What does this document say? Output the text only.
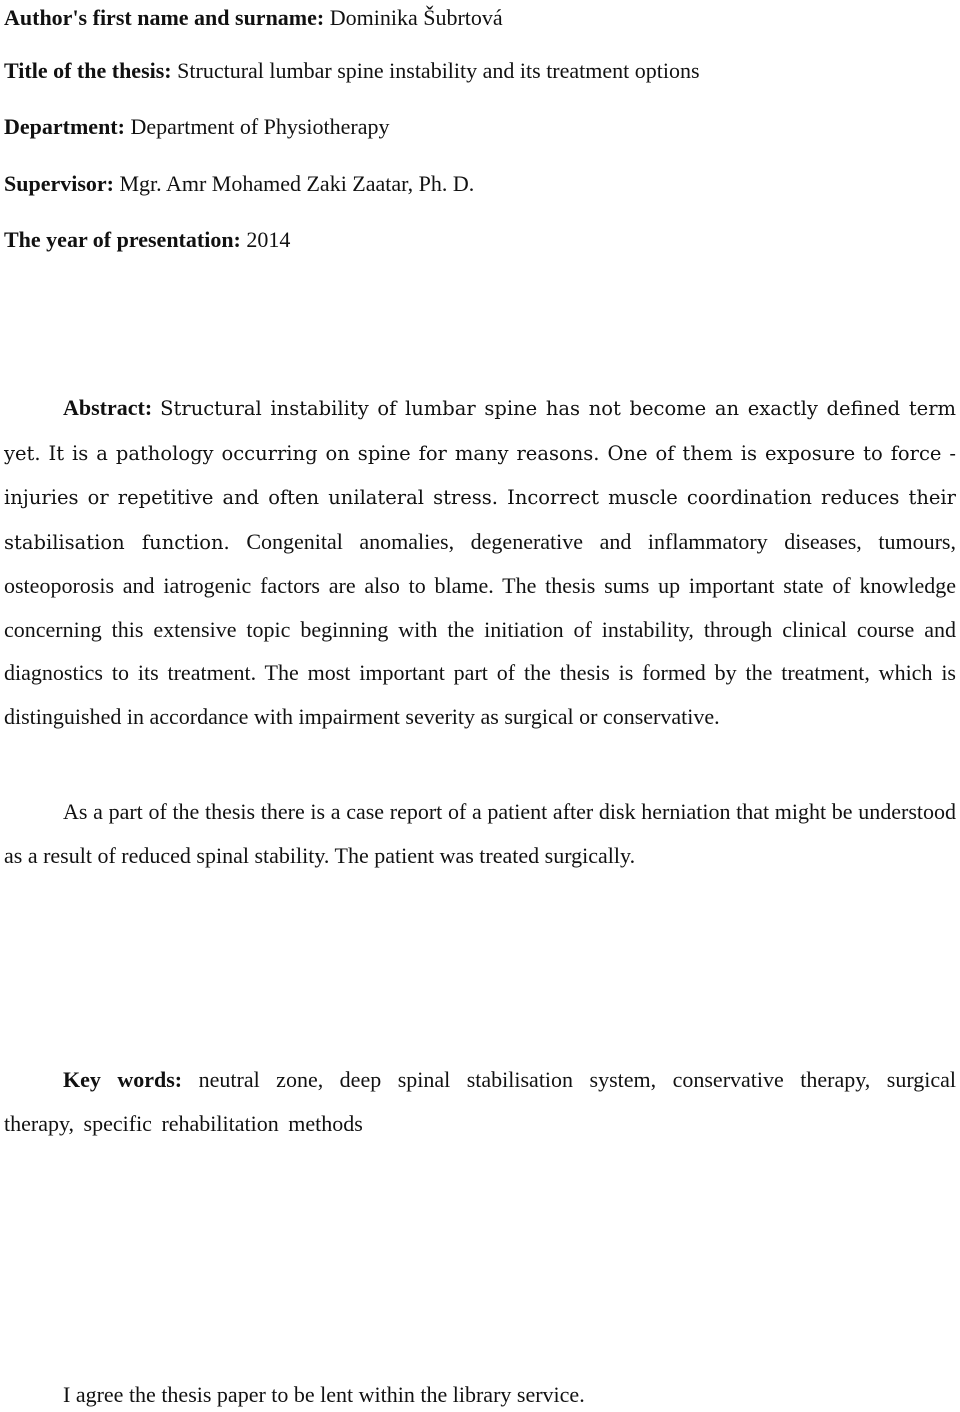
Author's first name and surname: Dominika Šubrtová
Title of the thesis: Structural lumbar spine instability and its treatment options
Department: Department of Physiotherapy
Supervisor: Mgr. Amr Mohamed Zaki Zaatar, Ph. D.
The year of presentation: 2014

Abstract: Structural instability of lumbar spine has not become an exactly defined term yet. It is a pathology occurring on spine for many reasons. One of them is exposure to force - injuries or repetitive and often unilateral stress. Incorrect muscle coordination reduces their stabilisation function. Congenital anomalies, degenerative and inflammatory diseases, tumours, osteoporosis and iatrogenic factors are also to blame. The thesis sums up important state of knowledge concerning this extensive topic beginning with the initiation of instability, through clinical course and diagnostics to its treatment. The most important part of the thesis is formed by the treatment, which is distinguished in accordance with impairment severity as surgical or conservative.

As a part of the thesis there is a case report of a patient after disk herniation that might be understood as a result of reduced spinal stability. The patient was treated surgically.

Key words: neutral zone, deep spinal stabilisation system, conservative therapy, surgical therapy, specific rehabilitation methods

I agree the thesis paper to be lent within the library service.
